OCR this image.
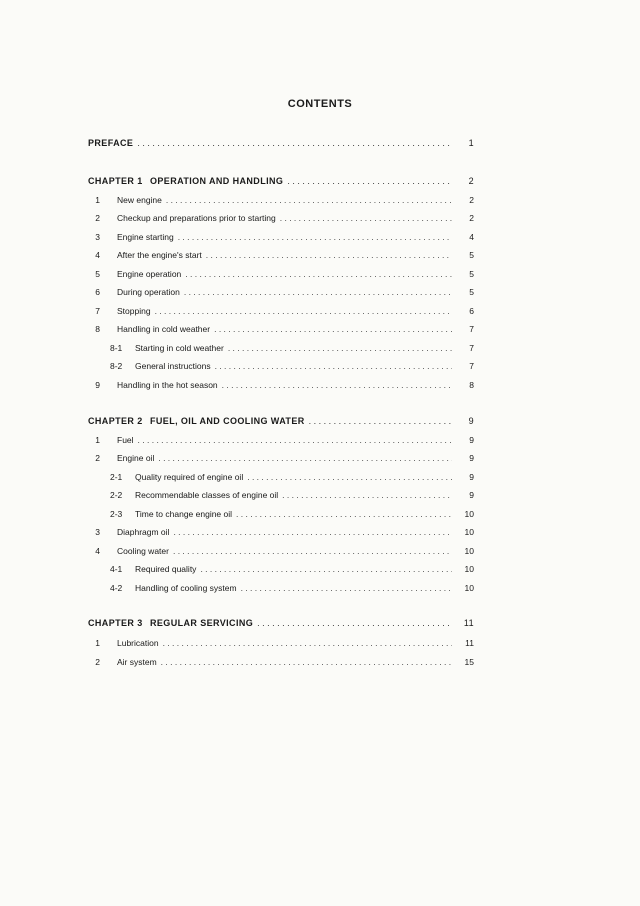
CONTENTS
PREFACE . . .	1
CHAPTER 1 OPERATION AND HANDLING . . .	2
1 New engine . . .	2
2 Checkup and preparations prior to starting . . .	2
3 Engine starting . . .	4
4 After the engine's start . . .	5
5 Engine operation . . .	5
6 During operation . . .	5
7 Stopping . . .	6
8 Handling in cold weather . . .	7
8-1	Starting in cold weather . . .	7
8-2	General instructions . . .	7
9 Handling in the hot season . . .	8
CHAPTER 2 FUEL, OIL AND COOLING WATER . . .	9
1 Fuel . . .	9
2 Engine oil . . .	9
2-1	Quality required of engine oil . . .	9
2-2	Recommendable classes of engine oil . . .	9
2-3	Time to change engine oil . . .	10
3 Diaphragm oil . . .	10
4 Cooling water . . .	10
4-1	Required quality . . .	10
4-2	Handling of cooling system . . .	10
CHAPTER 3 REGULAR SERVICING . . .	11
1 Lubrication . . .	11
2 Air system . . .	15
